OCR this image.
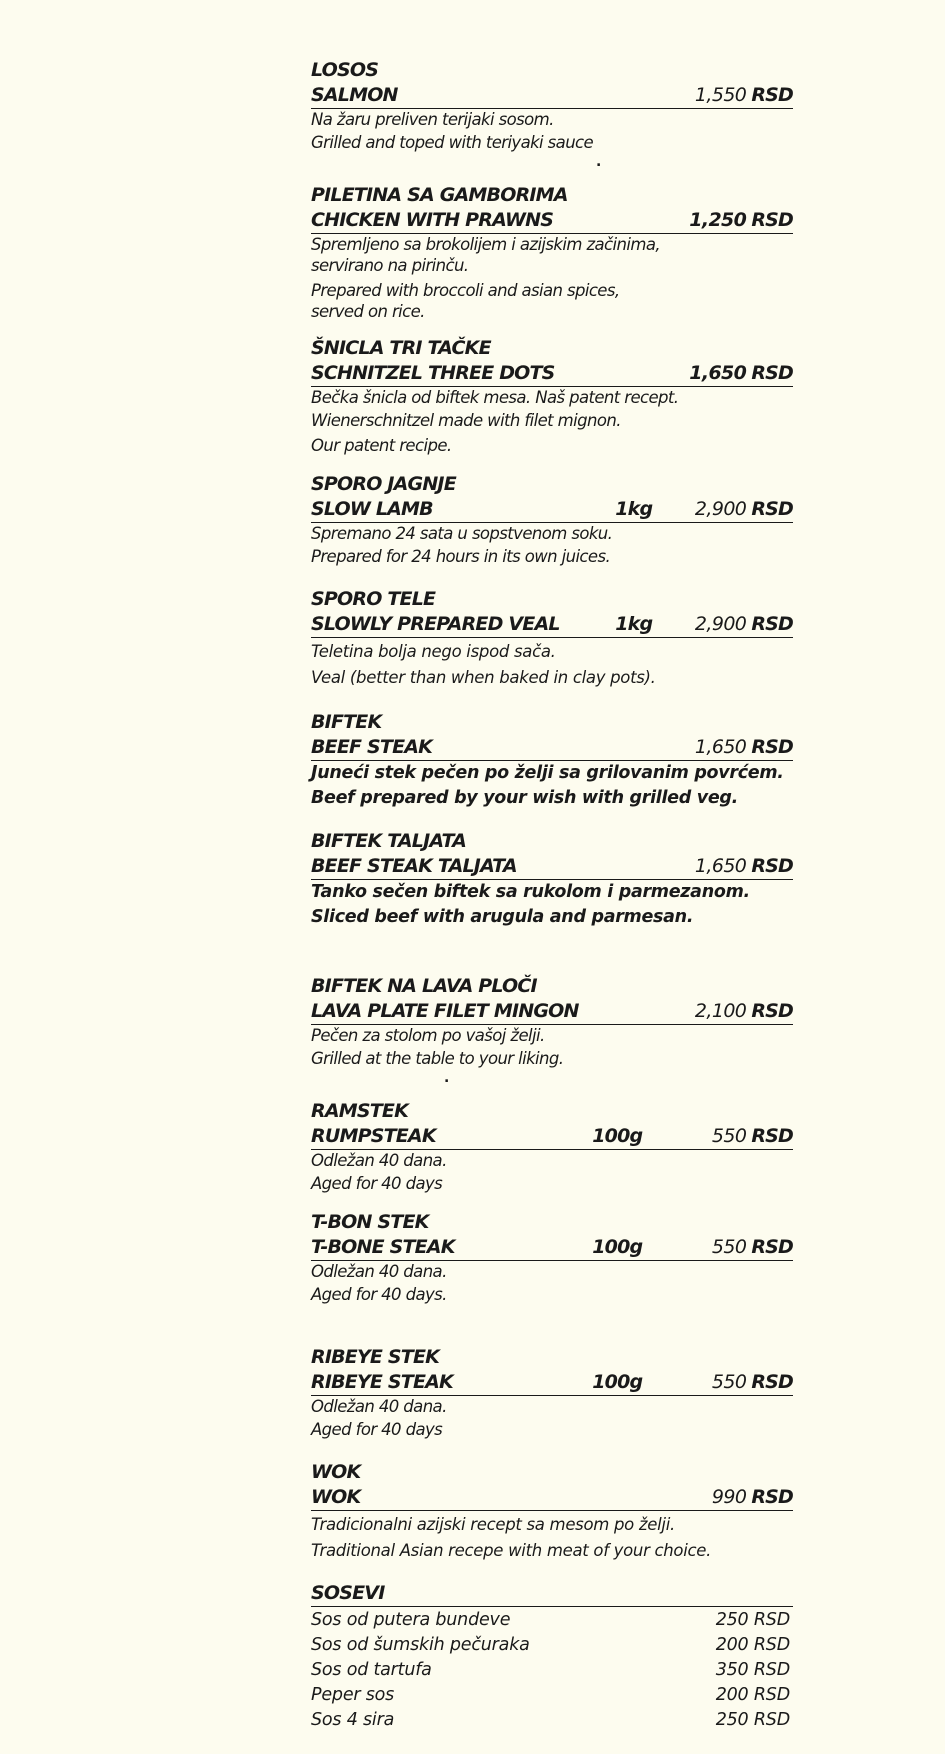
LOSOS
SALMON	1,550 RSD
Na žaru preliven terijaki sosom.
Grilled and toped with teriyaki sauce
.
PILETINA SA GAMBORIMA
CHICKEN WITH PRAWNS	1,250 RSD
Spremljeno sa brokolijem i azijskim začinima,
servirano na pirinču.
Prepared with broccoli and asian spices,
served on rice.
ŠNICLA TRI TAČKE
SCHNITZEL THREE DOTS	1,650 RSD
Bečka šnicla od biftek mesa. Naš patent recept.
Wienerschnitzel made with filet mignon.
Our patent recipe.
SPORO JAGNJE
SLOW LAMB	1kg	2,900 RSD
Spremano 24 sata u sopstvenom soku.
Prepared for 24 hours in its own juices.
SPORO TELE
SLOWLY PREPARED VEAL	1kg	2,900 RSD
Teletina bolja nego ispod sača.
Veal (better than when baked in clay pots).
BIFTEK
BEEF STEAK	1,650 RSD
Juneći stek pečen po želji sa grilovanim povrćem.
Beef prepared by your wish with grilled veg.
BIFTEK TALJATA
BEEF STEAK TALJATA	1,650 RSD
Tanko sečen biftek sa rukolom i parmezanom.
Sliced beef with arugula and parmesan.
BIFTEK NA LAVA PLOČI
LAVA PLATE FILET MINGON	2,100 RSD
Pečen za stolom po vašoj želji.
Grilled at the table to your liking.
.
RAMSTEK
RUMPSTEAK	100g	550 RSD
Odležan 40 dana.
Aged for 40 days
T-BON STEK
T-BONE STEAK	100g	550 RSD
Odležan 40 dana.
Aged for 40 days.
RIBEYE STEK
RIBEYE STEAK	100g	550 RSD
Odležan 40 dana.
Aged for 40 days
WOK
WOK	990 RSD
Tradicionalni azijski recept sa mesom po želji.
Traditional Asian recepe with meat of your choice.
SOSEVI
Sos od putera bundeve	250 RSD
Sos od šumskih pečuraka	200 RSD
Sos od tartufa	350 RSD
Peper sos	200 RSD
Sos 4 sira	250 RSD
